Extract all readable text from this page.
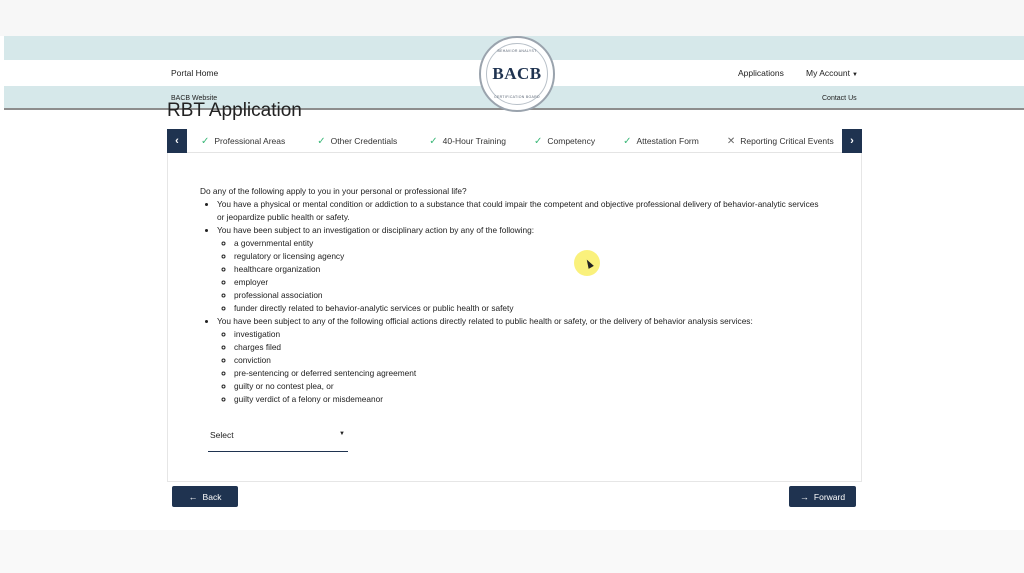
Portal Home	Applications	My Account ▼
BACB Website	Contact Us
BEHAVIOR ANALYST
BACB
CERTIFICATION BOARD
RBT Application
‹ ✓ Professional Areas	✓ Other Credentials	✓ 40-Hour Training	✓ Competency	✓ Attestation Form	✕ Reporting Critical Events ›
Do any of the following apply to you in your personal or professional life?
• You have a physical or mental condition or addiction to a substance that could impair the competent and objective professional delivery of behavior-analytic services or jeopardize public health or safety.
• You have been subject to an investigation or disciplinary action by any of the following:
◦ a governmental entity
◦ regulatory or licensing agency
◦ healthcare organization
◦ employer
◦ professional association
◦ funder directly related to behavior-analytic services or public health or safety
• You have been subject to any of the following official actions directly related to public health or safety, or the delivery of behavior analysis services:
◦ investigation
◦ charges filed
◦ conviction
◦ pre-sentencing or deferred sentencing agreement
◦ guilty or no contest plea, or
◦ guilty verdict of a felony or misdemeanor
Select	▼
← Back	→ Forward
